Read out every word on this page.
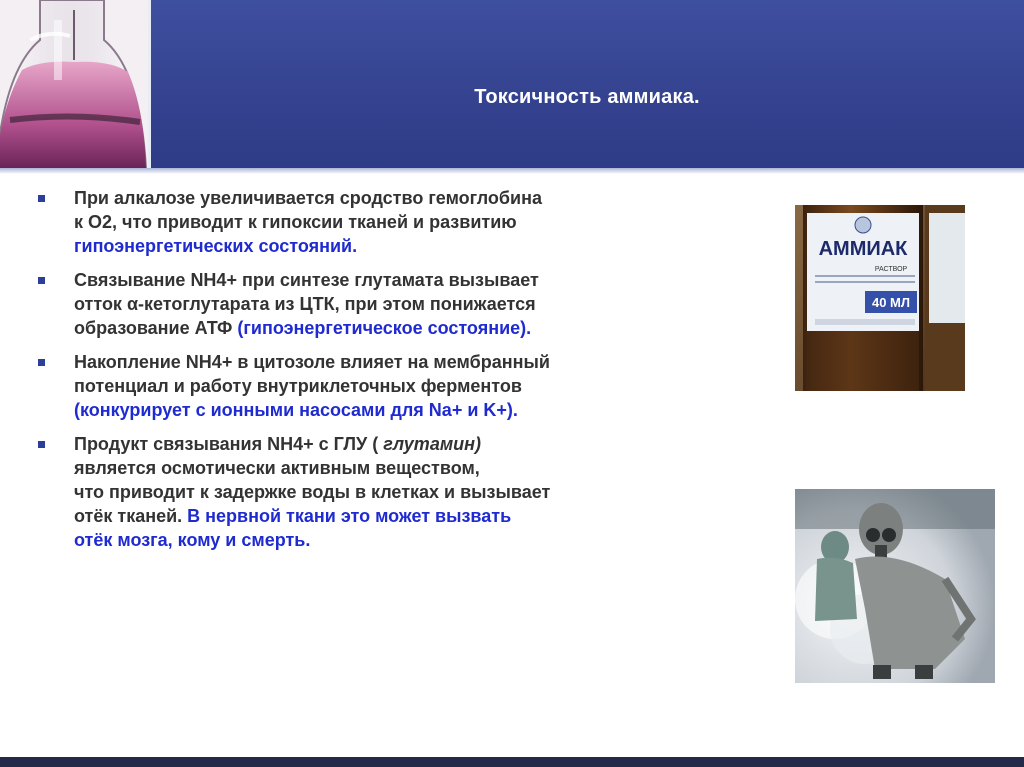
Токсичность аммиака.
При алкалозе увеличивается сродство гемоглобина
к О2, что приводит к гипоксии тканей и развитию
гипоэнергетических состояний.
Связывание NH4+ при синтезе глутамата вызывает
отток α-кетоглутарата из ЦТК, при этом понижается
образование АТФ (гипоэнергетическое состояние).
Накопление NH4+ в цитозоле влияет на мембранный
потенциал и работу внутриклеточных ферментов
(конкурирует с ионными насосами для Na+ и K+).
Продукт связывания NH4+ с ГЛУ ( глутамин)
является осмотически активным веществом,
что приводит к задержке воды в клетках и вызывает
отёк тканей. В нервной ткани это может вызвать
отёк мозга, кому и смерть.
АММИАК
РАСТВОР
40 МЛ
